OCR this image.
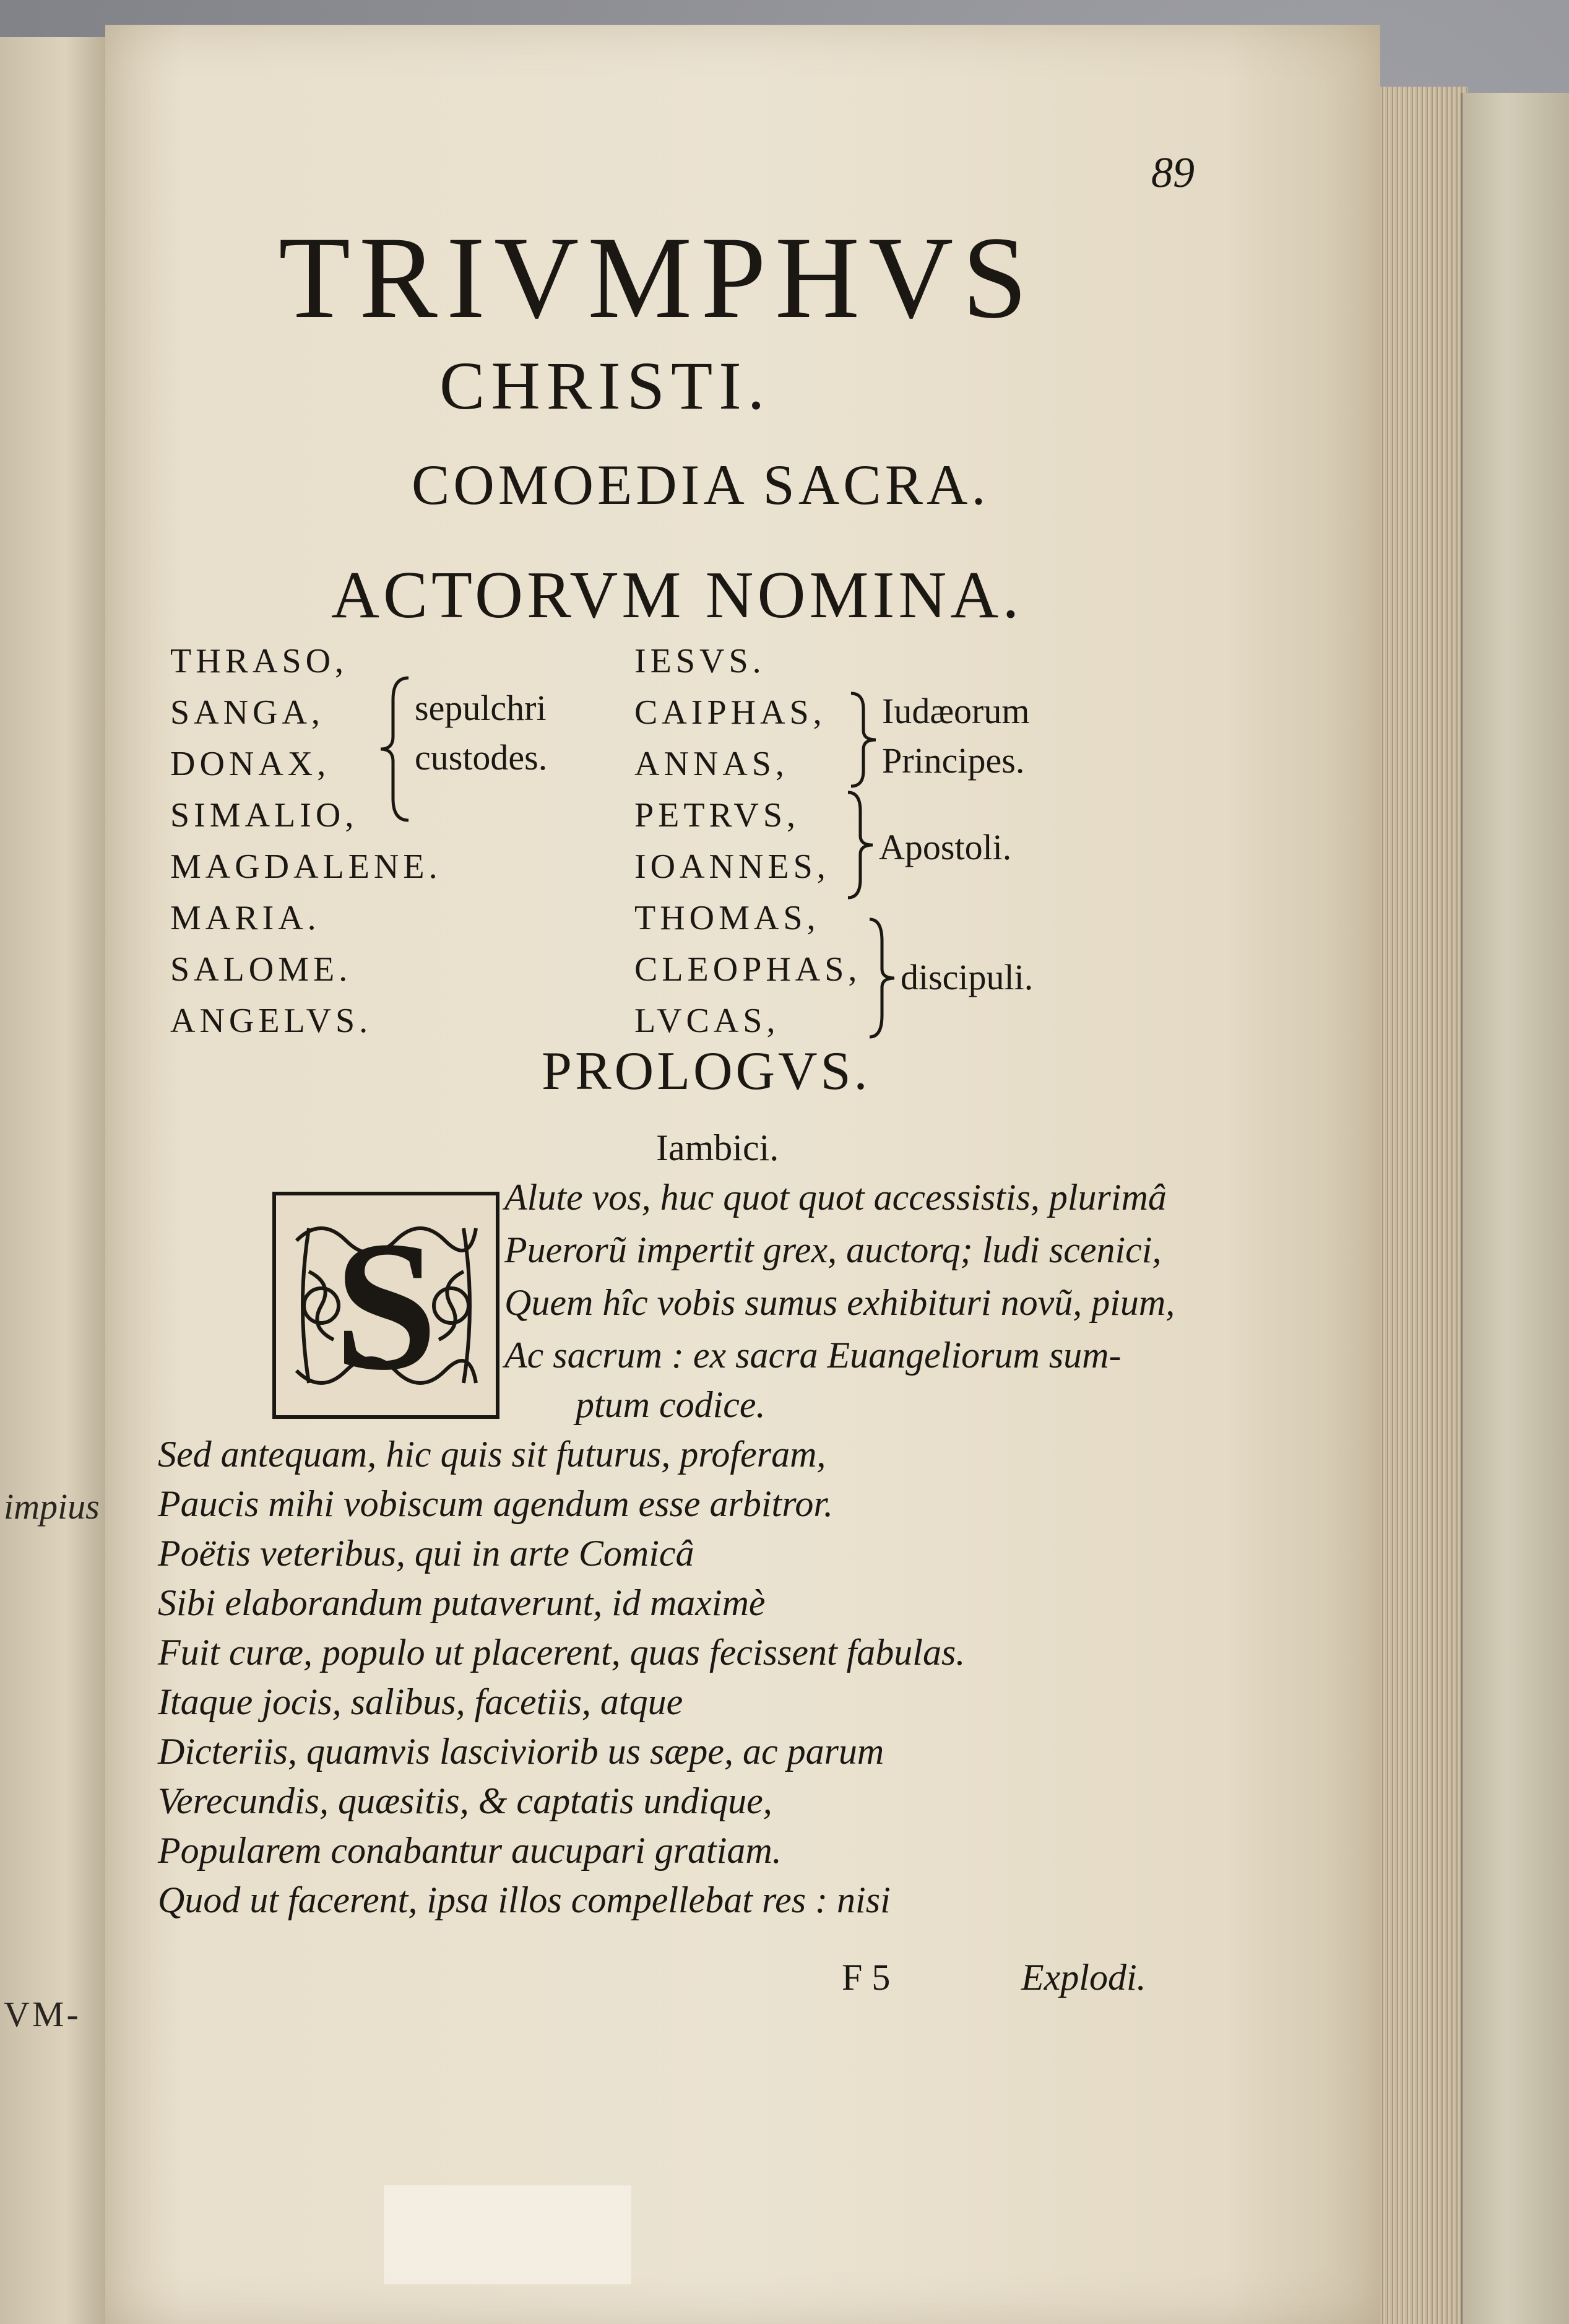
impius
VM-
89
TRIVMPHVS
CHRISTI.
COMOEDIA SACRA.
ACTORVM NOMINA.
THRASO,
SANGA,
DONAX,
SIMALIO,
MAGDALENE.
MARIA.
SALOME.
ANGELVS.
sepulchri
custodes.
IESVS.
CAIPHAS,
ANNAS,
PETRVS,
IOANNES,
THOMAS,
CLEOPHAS,
LVCAS,
Iudæorum
Principes.
Apostoli.
discipuli.
PROLOGVS.
Iambici.
S
Alute vos, huc quot quot accessistis, plurimâ
Puerorũ impertit grex, auctorq; ludi scenici,
Quem hîc vobis sumus exhibituri novũ, pium,
Ac sacrum : ex sacra Euangeliorum sum-
ptum codice.
Sed antequam, hic quis sit futurus, proferam,
Paucis mihi vobiscum agendum esse arbitror.
Poëtis veteribus, qui in arte Comicâ
Sibi elaborandum putaverunt, id maximè
Fuit curæ, populo ut placerent, quas fecissent fabulas.
Itaque jocis, salibus, facetiis, atque
Dicteriis, quamvis lasciviorib us sæpe, ac parum
Verecundis, quæsitis, & captatis undique,
Popularem conabantur aucupari gratiam.
Quod ut facerent, ipsa illos compellebat res : nisi
F 5	Explodi.
